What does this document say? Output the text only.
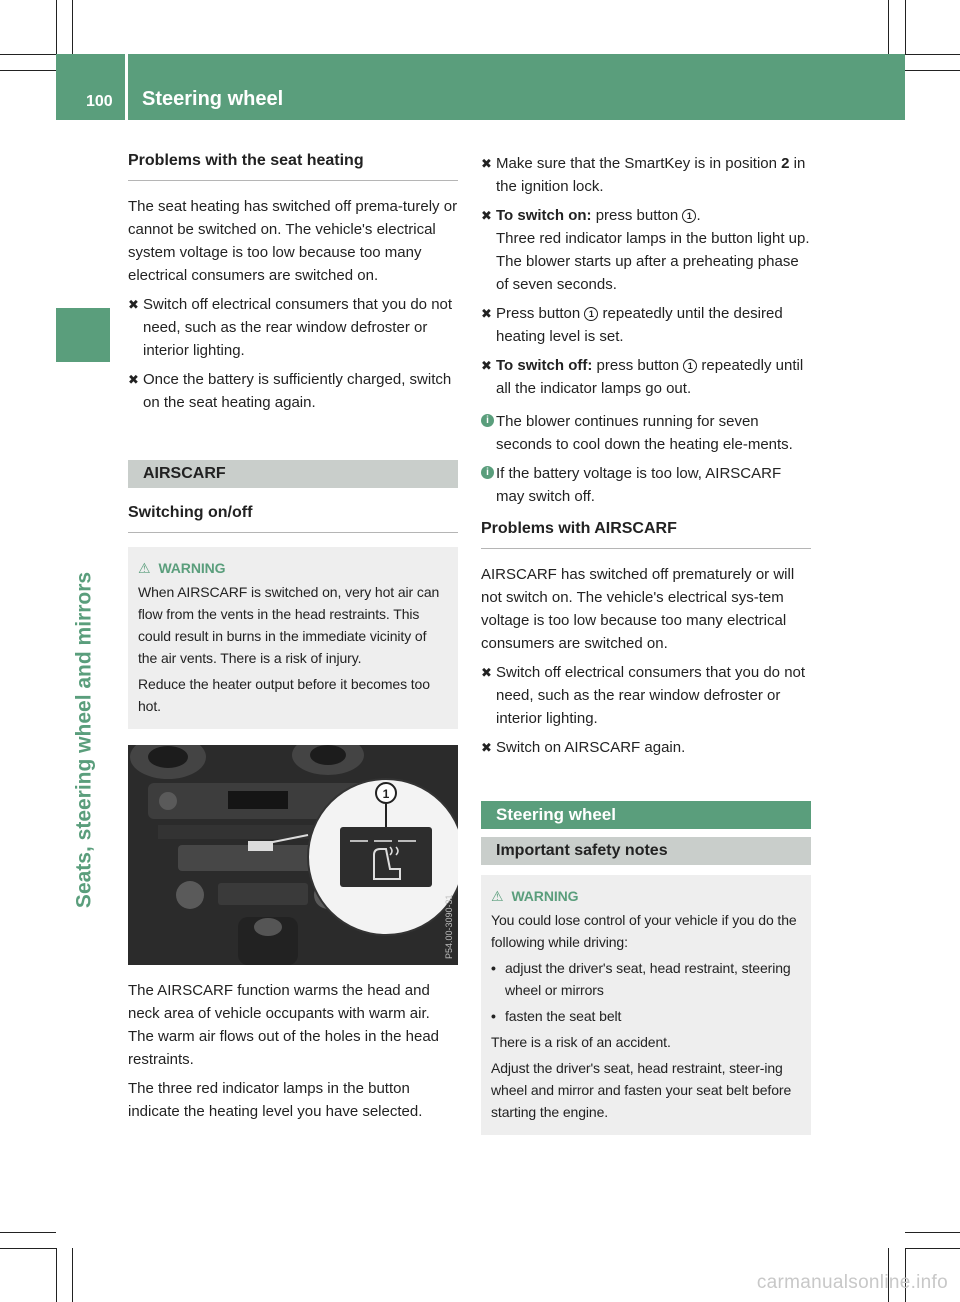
100 Steering wheel
Seats, steering wheel and mirrors
Problems with the seat heating

The seat heating has switched off prema-turely or cannot be switched on. The vehicle's electrical system voltage is too low because too many electrical consumers are switched on.

✖ Switch off electrical consumers that you do not need, such as the rear window defroster or interior lighting.
✖ Once the battery is sufficiently charged, switch on the seat heating again.
AIRSCARF
Switching on/off
⚠ WARNING

When AIRSCARF is switched on, very hot air can flow from the vents in the head restraints. This could result in burns in the immediate vicinity of the air vents. There is a risk of injury.

Reduce the heater output before it becomes too hot.

1
P54.00-3090-31

The AIRSCARF function warms the head and neck area of vehicle occupants with warm air. The warm air flows out of the holes in the head restraints.

The three red indicator lamps in the button indicate the heating level you have selected.

✖ Make sure that the SmartKey is in position 2 in the ignition lock.
✖ To switch on: press button 1 .
Three red indicator lamps in the button light up. The blower starts up after a preheating phase of seven seconds.
✖ Press button 1 repeatedly until the desired heating level is set.
✖ To switch off: press button 1 repeatedly until all the indicator lamps go out.
i The blower continues running for seven seconds to cool down the heating ele-ments.
i If the battery voltage is too low, AIRSCARF may switch off.
Problems with AIRSCARF

AIRSCARF has switched off prematurely or will not switch on. The vehicle's electrical sys-tem voltage is too low because too many electrical consumers are switched on.

✖ Switch off electrical consumers that you do not need, such as the rear window defroster or interior lighting.
✖ Switch on AIRSCARF again.
Steering wheel
Important safety notes
⚠ WARNING

You could lose control of your vehicle if you do the following while driving:

• adjust the driver's seat, head restraint, steering wheel or mirrors
• fasten the seat belt

There is a risk of an accident.

Adjust the driver's seat, head restraint, steer-ing wheel and mirror and fasten your seat belt before starting the engine.

carmanualsonline.info
